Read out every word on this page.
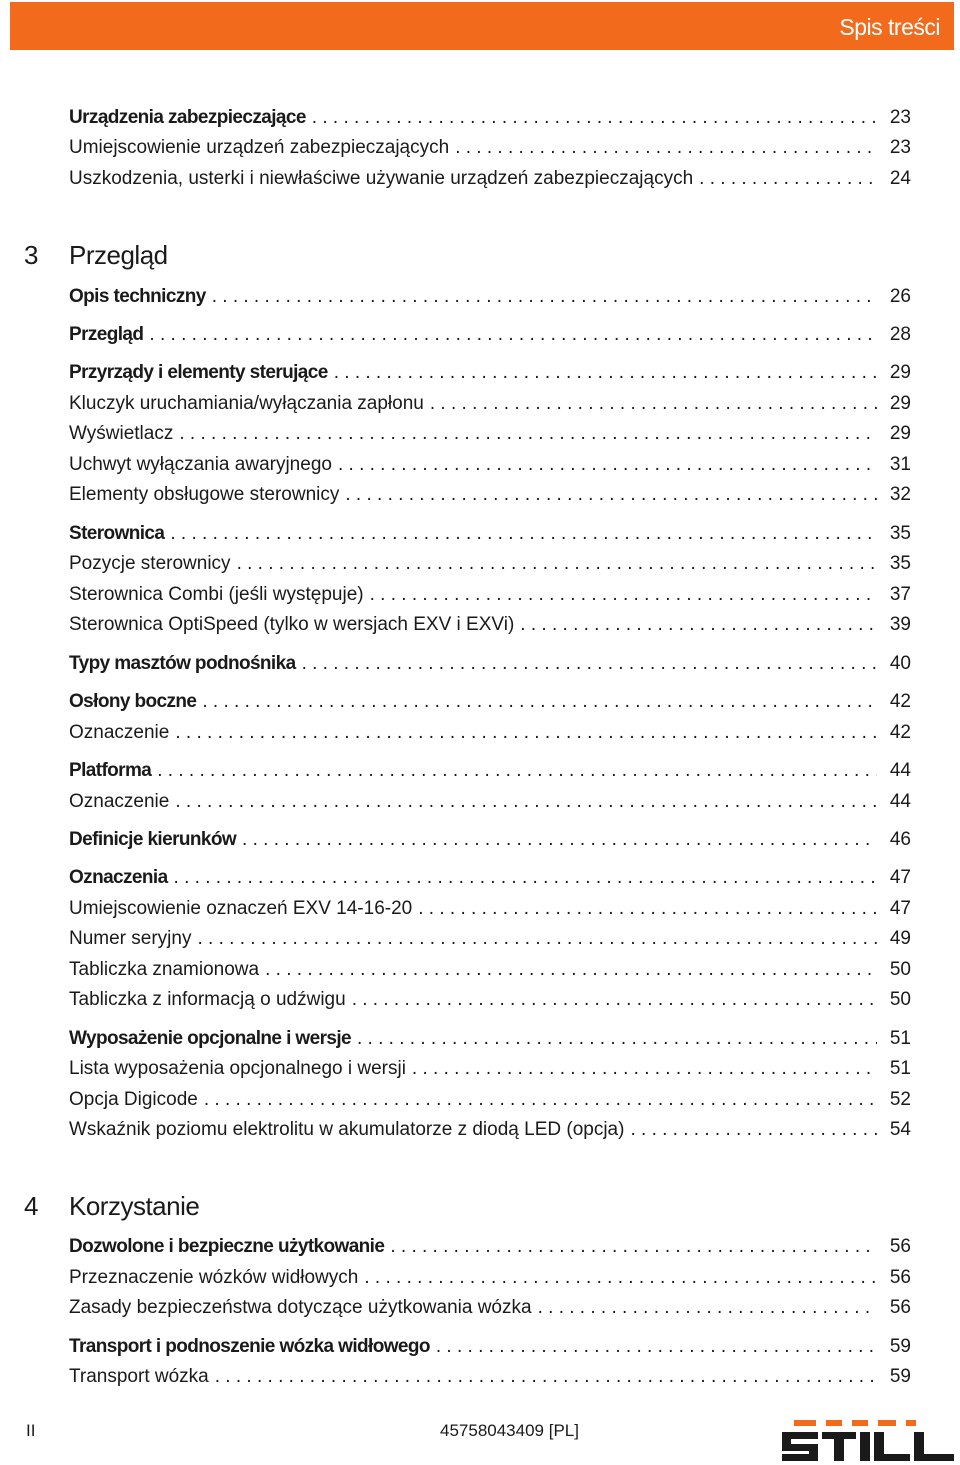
Spis treści
Urządzenia zabezpieczające . . .	23
Umiejscowienie urządzeń zabezpieczających . . .	23
Uszkodzenia, usterki i niewłaściwe używanie urządzeń zabezpieczających . . .	24
3 Przegląd
Opis techniczny . . .	26
Przegląd . . .	28
Przyrządy i elementy sterujące . . .	29
Kluczyk uruchamiania/wyłączania zapłonu . . .	29
Wyświetlacz . . .	29
Uchwyt wyłączania awaryjnego . . .	31
Elementy obsługowe sterownicy . . .	32
Sterownica . . .	35
Pozycje sterownicy . . .	35
Sterownica Combi (jeśli występuje) . . .	37
Sterownica OptiSpeed (tylko w wersjach EXV i EXVi) . . .	39
Typy masztów podnośnika . . .	40
Osłony boczne . . .	42
Oznaczenie . . .	42
Platforma . . .	44
Oznaczenie . . .	44
Definicje kierunków . . .	46
Oznaczenia . . .	47
Umiejscowienie oznaczeń EXV 14-16-20 . . .	47
Numer seryjny . . .	49
Tabliczka znamionowa . . .	50
Tabliczka z informacją o udźwigu . . .	50
Wyposażenie opcjonalne i wersje . . .	51
Lista wyposażenia opcjonalnego i wersji . . .	51
Opcja Digicode . . .	52
Wskaźnik poziomu elektrolitu w akumulatorze z diodą LED (opcja) . . .	54
4 Korzystanie
Dozwolone i bezpieczne użytkowanie . . .	56
Przeznaczenie wózków widłowych . . .	56
Zasady bezpieczeństwa dotyczące użytkowania wózka . . .	56
Transport i podnoszenie wózka widłowego . . .	59
Transport wózka . . .	59
II	45758043409 [PL]
